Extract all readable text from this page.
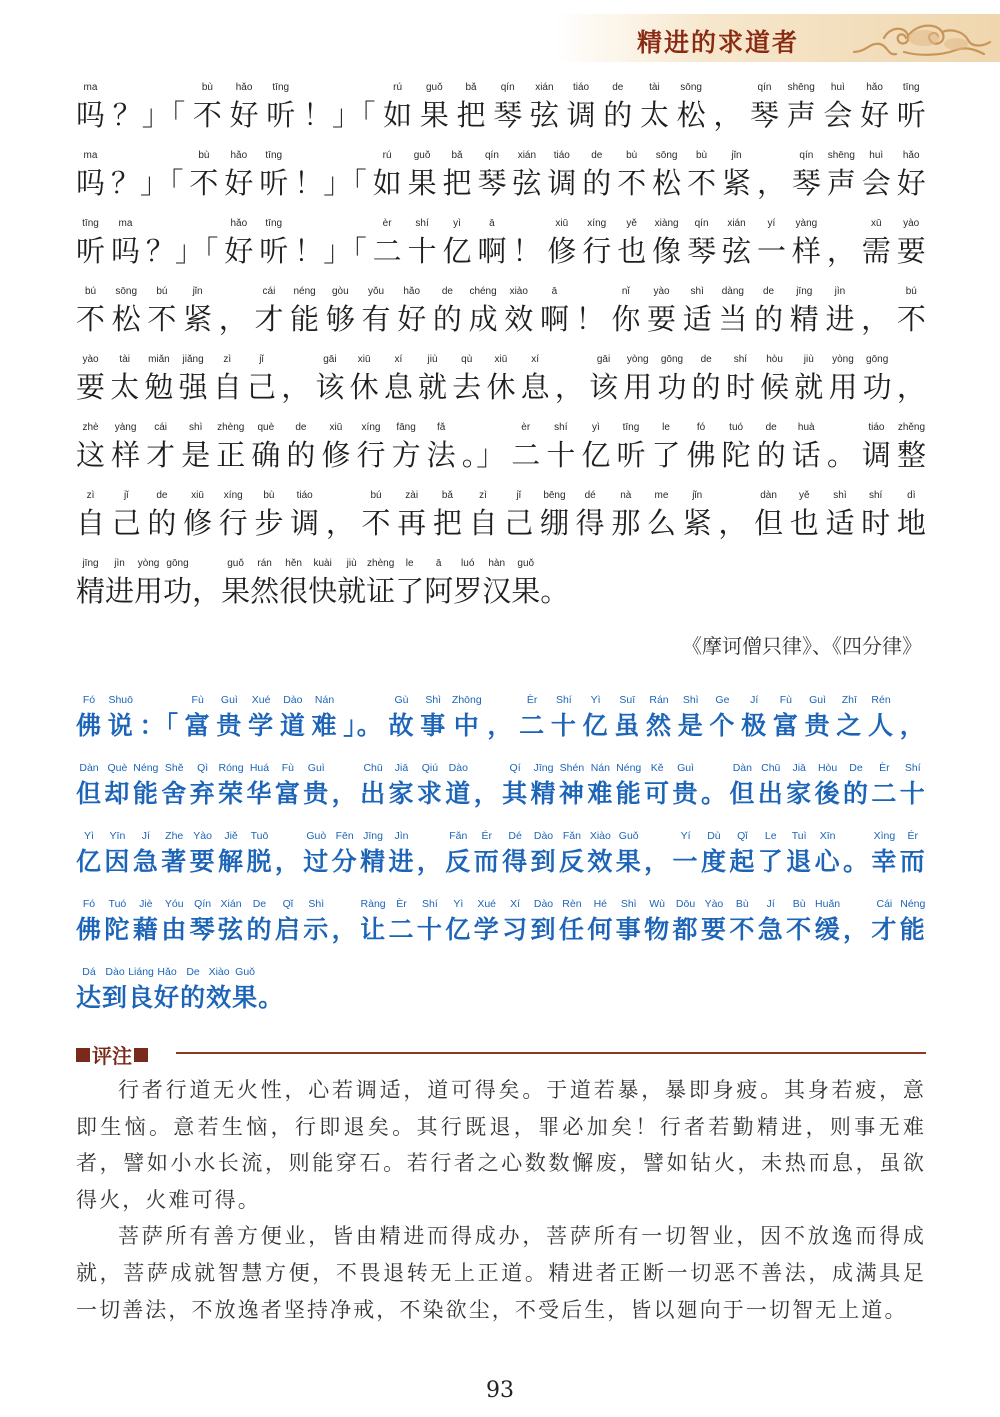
精进的求道者
ma
吗 ？」「
bù
不
hǎo
好
tīng
听 ！」「
rú
如
guǒ
果
bǎ
把
qín
琴
xián
弦
tiáo
调
de
的
tài
太
sōng
松 ，
qín
琴
shēng
声
huì
会
hǎo
好
tīng
听
ma
吗 ？」「
bù
不
hǎo
好
tīng
听 ！」「
rú
如
guǒ
果
bǎ
把
qín
琴
xián
弦
tiáo
调
de
的
bù
不
sōng
松
bù
不
jǐn
紧 ，
qín
琴
shēng
声
huì
会
hǎo
好
tīng
听
ma
吗 ？」「
hǎo
好
tīng
听 ！」「
èr
二
shí
十
yì
亿
ā
啊 ！
xiū
修
xíng
行
yě
也
xiàng
像
qín
琴
xián
弦
yí
一
yàng
样 ，
xū
需
yào
要
bú
不
sōng
松
bú
不
jǐn
紧 ，
cái
才
néng
能
gòu
够
yǒu
有
hǎo
好
de
的
chéng
成
xiào
效
ā
啊 ！
nǐ
你
yào
要
shì
适
dàng
当
de
的
jīng
精
jìn
进 ，
bú
不
yào
要
tài
太
miǎn
勉
jiǎng
强
zì
自
jǐ
己 ，
gāi
该
xiū
休
xí
息
jiù
就
qù
去
xiū
休
xí
息 ，
gāi
该
yòng
用
gōng
功
de
的
shí
时
hòu
候
jiù
就
yòng
用
gōng
功 ，
zhè
这
yàng
样
cái
才
shì
是
zhèng
正
què
确
de
的
xiū
修
xíng
行
fāng
方
fǎ
法 。」
èr
二
shí
十
yì
亿
tīng
听
le
了
fó
佛
tuó
陀
de
的
huà
话 。
tiáo
调
zhěng
整
zì
自
jǐ
己
de
的
xiū
修
xíng
行
bù
步
tiáo
调 ，
bú
不
zài
再
bǎ
把
zì
自
jǐ
己
bēng
绷
dé
得
nà
那
me
么
jǐn
紧 ，
dàn
但
yě
也
shì
适
shí
时
dì
地
jīng
精
jìn
进
yòng
用
gōng
功 ，
guǒ
果
rán
然
hěn
很
kuài
快
jiù
就
zhèng
证
le
了
ā
阿
luó
罗
hàn
汉
guǒ
果 。
《摩诃僧只律》、《四分律》
Fó
佛
Shuō
说 ：「
Fù
富
Guì
贵
Xué
学
Dào
道
Nán
难 」。
Gù
故
Shì
事
Zhōng
中 ，
Èr
二
Shí
十
Yì
亿
Suī
虽
Rán
然
Shì
是
Ge
个
Jí
极
Fù
富
Guì
贵
Zhī
之
Rén
人 ，
Dàn
但
Què
却
Néng
能
Shě
舍
Qì
弃
Róng
荣
Huá
华
Fù
富
Guì
贵 ，
Chū
出
Jiā
家
Qiú
求
Dào
道 ，
Qí
其
Jīng
精
Shén
神
Nán
难
Néng
能
Kě
可
Guì
贵 。
Dàn
但
Chū
出
Jiā
家
Hòu
後
De
的
Èr
二
Shí
十
Yì
亿
Yīn
因
Jí
急
Zhe
著
Yào
要
Jiě
解
Tuō
脱 ，
Guò
过
Fēn
分
Jīng
精
Jìn
进 ，
Fǎn
反
Ér
而
Dé
得
Dào
到
Fǎn
反
Xiào
效
Guǒ
果 ，
Yí
一
Dù
度
Qǐ
起
Le
了
Tuì
退
Xīn
心 。
Xìng
幸
Ér
而
Fó
佛
Tuó
陀
Jiè
藉
Yóu
由
Qín
琴
Xián
弦
De
的
Qǐ
启
Shì
示 ，
Ràng
让
Èr
二
Shí
十
Yì
亿
Xué
学
Xí
习
Dào
到
Rèn
任
Hé
何
Shì
事
Wù
物
Dōu
都
Yào
要
Bù
不
Jí
急
Bù
不
Huǎn
缓 ，
Cái
才
Néng
能
Dá
达
Dào
到
Liáng
良
Hǎo
好
De
的
Xiào
效
Guǒ
果 。
评注

行者行道无火性，心若调适，道可得矣。于道若暴，暴即身疲。其身若疲，意即生恼。意若生恼，行即退矣。其行既退，罪必加矣！行者若勤精进，则事无难者，譬如小水长流，则能穿石。若行者之心数数懈废，譬如钻火，未热而息，虽欲得火，火难可得。

菩萨所有善方便业，皆由精进而得成办，菩萨所有一切智业，因不放逸而得成就，菩萨成就智慧方便，不畏退转无上正道。精进者正断一切恶不善法，成满具足一切善法，不放逸者坚持净戒，不染欲尘，不受后生，皆以廻向于一切智无上道。

93
